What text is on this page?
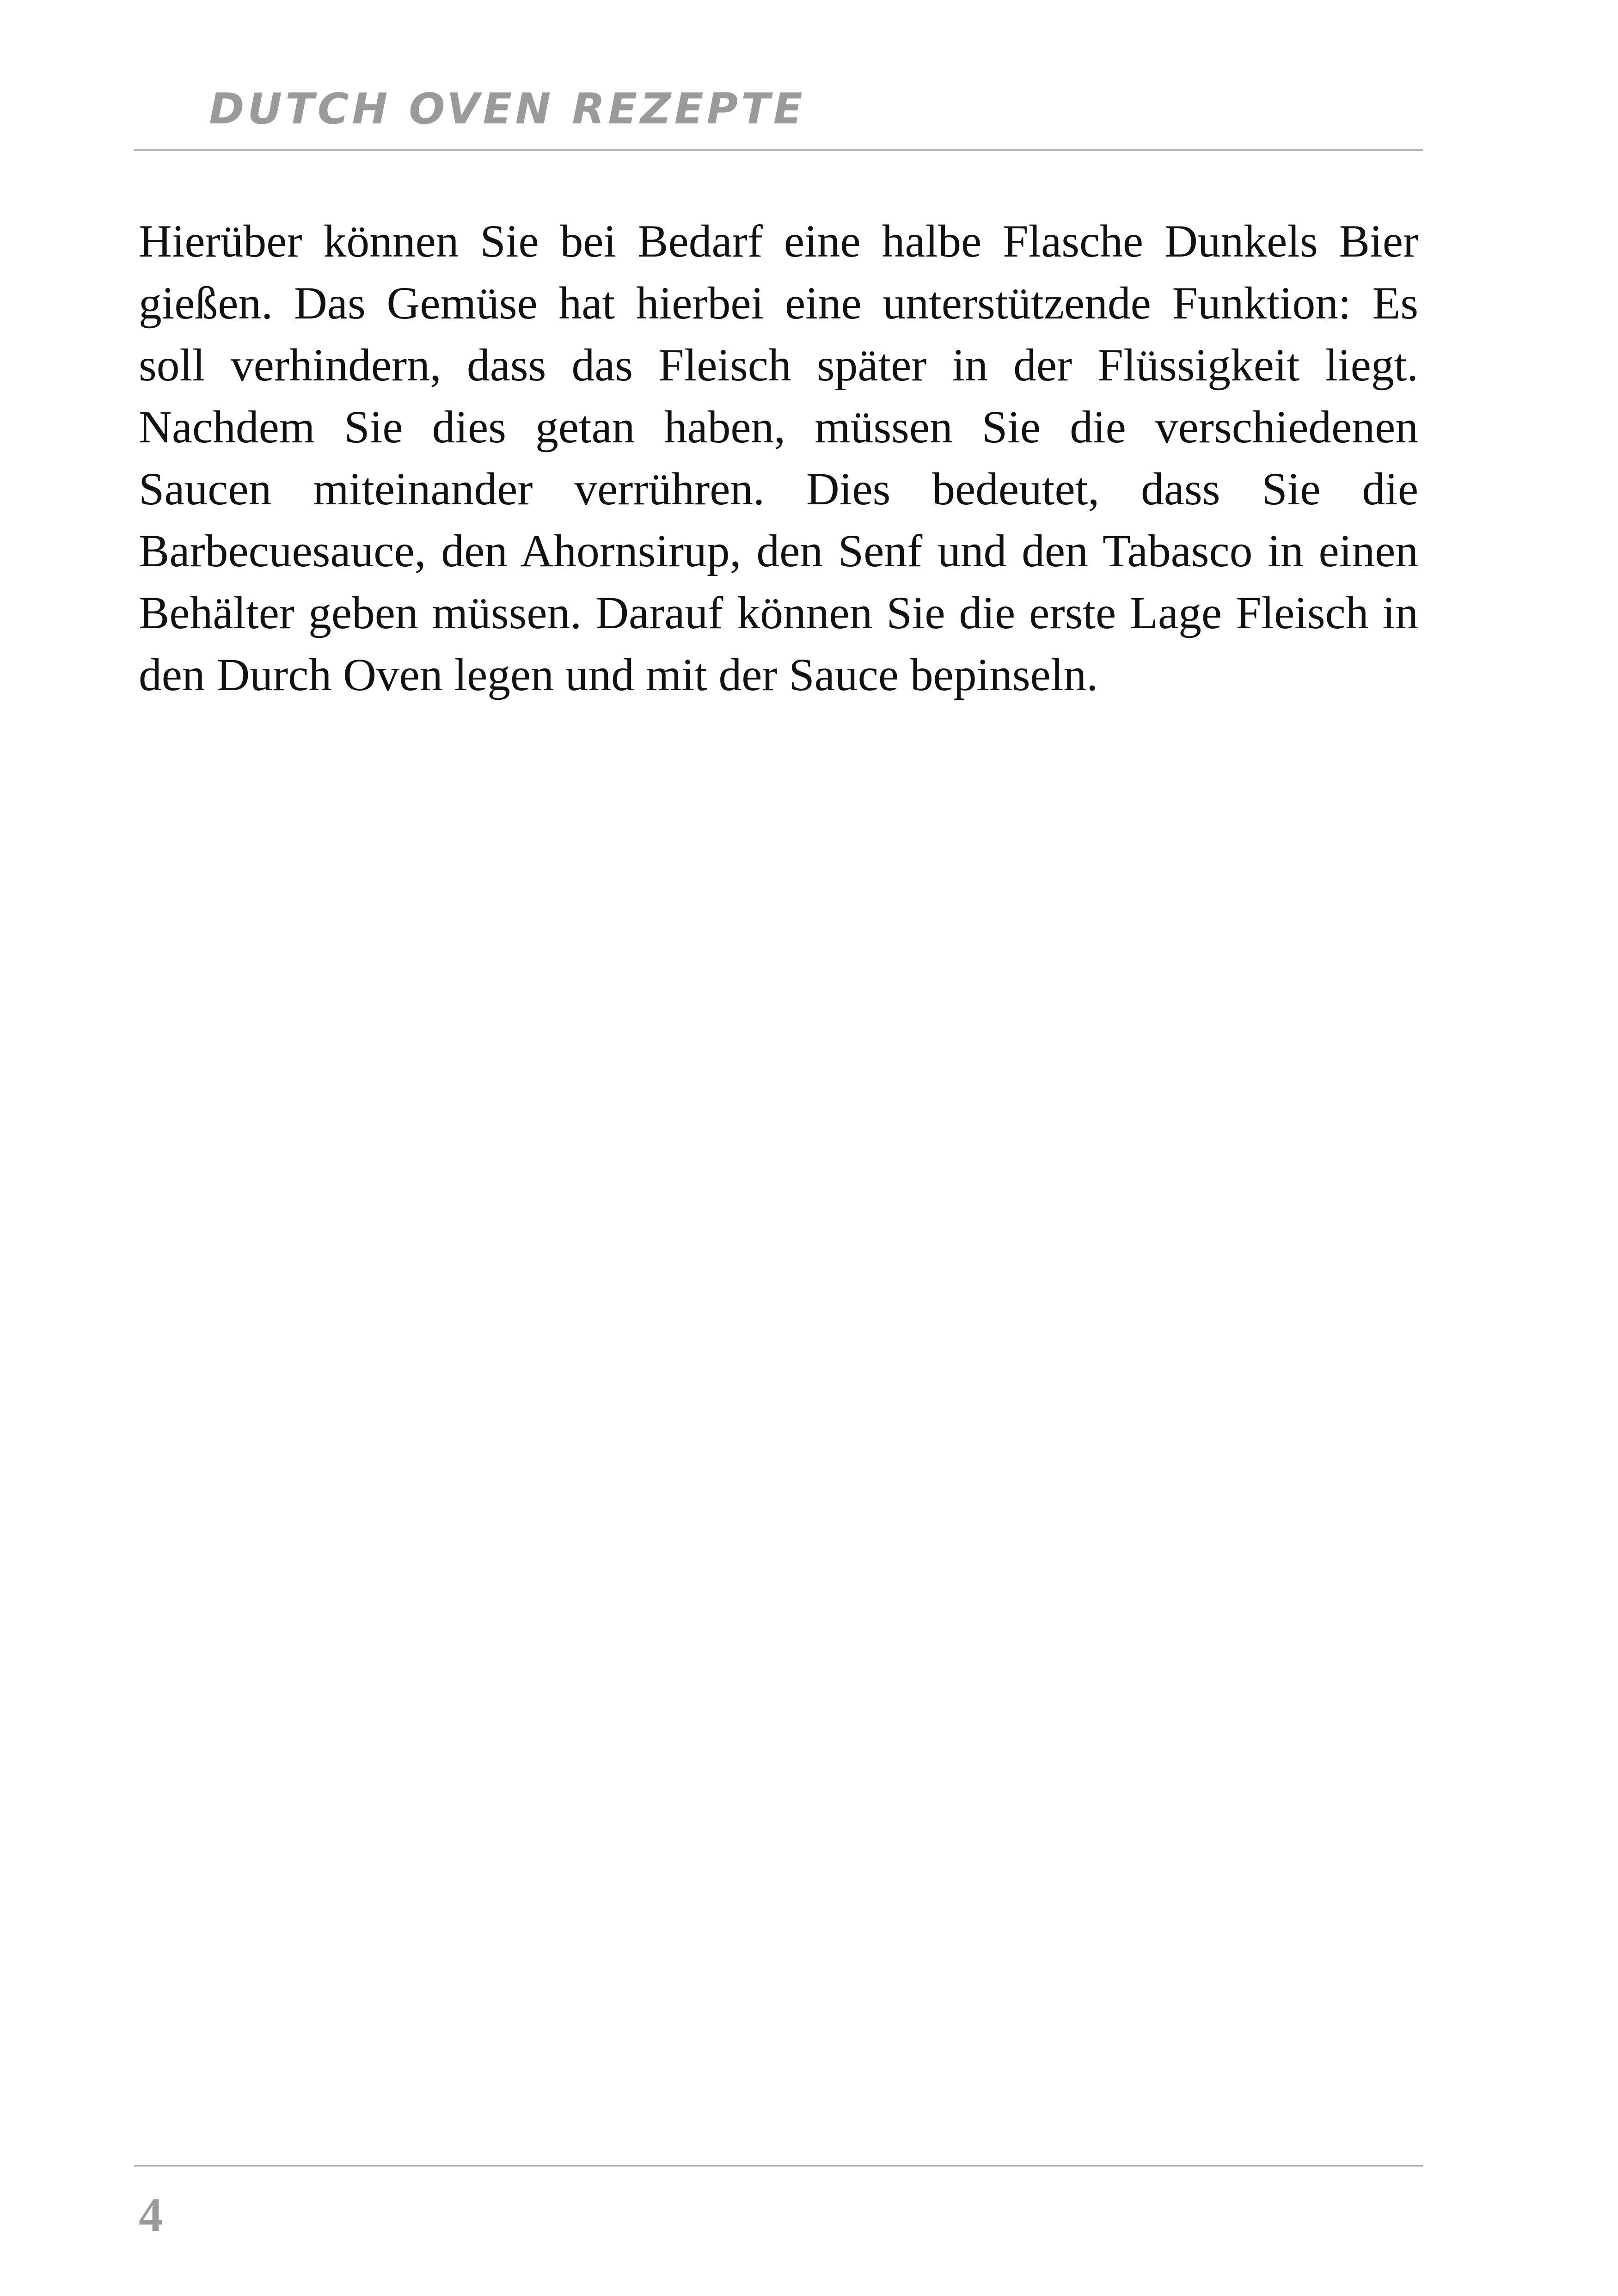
DUTCH OVEN REZEPTE

Hierüber können Sie bei Bedarf eine halbe Flasche Dunkels Bier gießen. Das Gemüse hat hierbei eine unterstützende Funktion: Es soll verhindern, dass das Fleisch später in der Flüssigkeit liegt. Nachdem Sie dies getan haben, müssen Sie die verschiedenen Saucen miteinander verrühren. Dies bedeutet, dass Sie die Barbecuesauce, den Ahornsirup, den Senf und den Tabasco in einen Behälter geben müssen. Darauf können Sie die erste Lage Fleisch in den Durch Oven legen und mit der Sauce bepinseln.

4
